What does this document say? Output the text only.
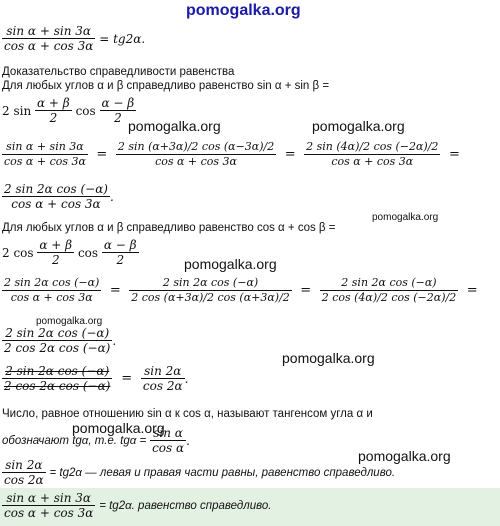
pomogalka.org
$\frac{\text{sin α + sin 3α}}{\text{cos α + cos 3α}} = tg2\alpha$.
Доказательство справедливости равенства
Для любых углов α и β справедливо равенство sin α + sin β =
2 $\sin \frac{\alpha + \beta}{2}$ $\cos \frac{\alpha - \beta}{2}$
pomogalka.org	pomogalka.org
$\frac{\text{sin α + sin 3α}}{\text{cos α + cos 3α}} = \frac{2 \sin (\alpha+3\alpha)/2 \cos (\alpha-3\alpha)/2}{\text{cos α + cos 3α}} = \frac{2 \sin (4\alpha)/2 \cos (-2\alpha)/2}{\text{cos α + cos 3α}}$ =
$\frac{\text{2 sin 2α cos (−α)}}{\text{cos α + cos 3α}}$ .
pomogalka.org
Для любых углов α и β справедливо равенство cos α + cos β =
2 $\cos \frac{\alpha + \beta}{2}$ $\cos \frac{\alpha - \beta}{2}$	pomogalka.org
$\frac{\text{2 sin 2α cos (−α)}}{\text{cos α + cos 3α}} = \frac{\text{2 sin 2α cos (−α)}}{2 \cos (\alpha+3\alpha)/2 \cos (\alpha+3\alpha)/2} = \frac{\text{2 sin 2α cos (−α)}}{2 \cos (4\alpha)/2 \cos (-2\alpha)/2}$ =
pomogalka.org
$\frac{\text{2 sin 2α cos (−α)}}{\text{2 cos 2α cos (−α)}}$ .
pomogalka.org
$\frac{\text{2 sin 2α cos (−α)}}{\text{2 cos 2α cos (−α)}} = \frac{\sin 2\alpha}{\cos 2\alpha}$ .
Число, равное отношению sin α к cos α, называют тангенсом угла α и
pomogalka.org
обозначают tgα, т.е. $tg\alpha = \frac{\text{sin α}}{\text{cos α}}$ .
pomogalka.org
$\frac{\sin 2\alpha}{\cos 2\alpha} = tg2\alpha$ — левая и правая части равны, равенство справедливо.
$\frac{\text{sin α + sin 3α}}{\text{cos α + cos 3α}} = tg2\alpha$. равенство справедливо.
